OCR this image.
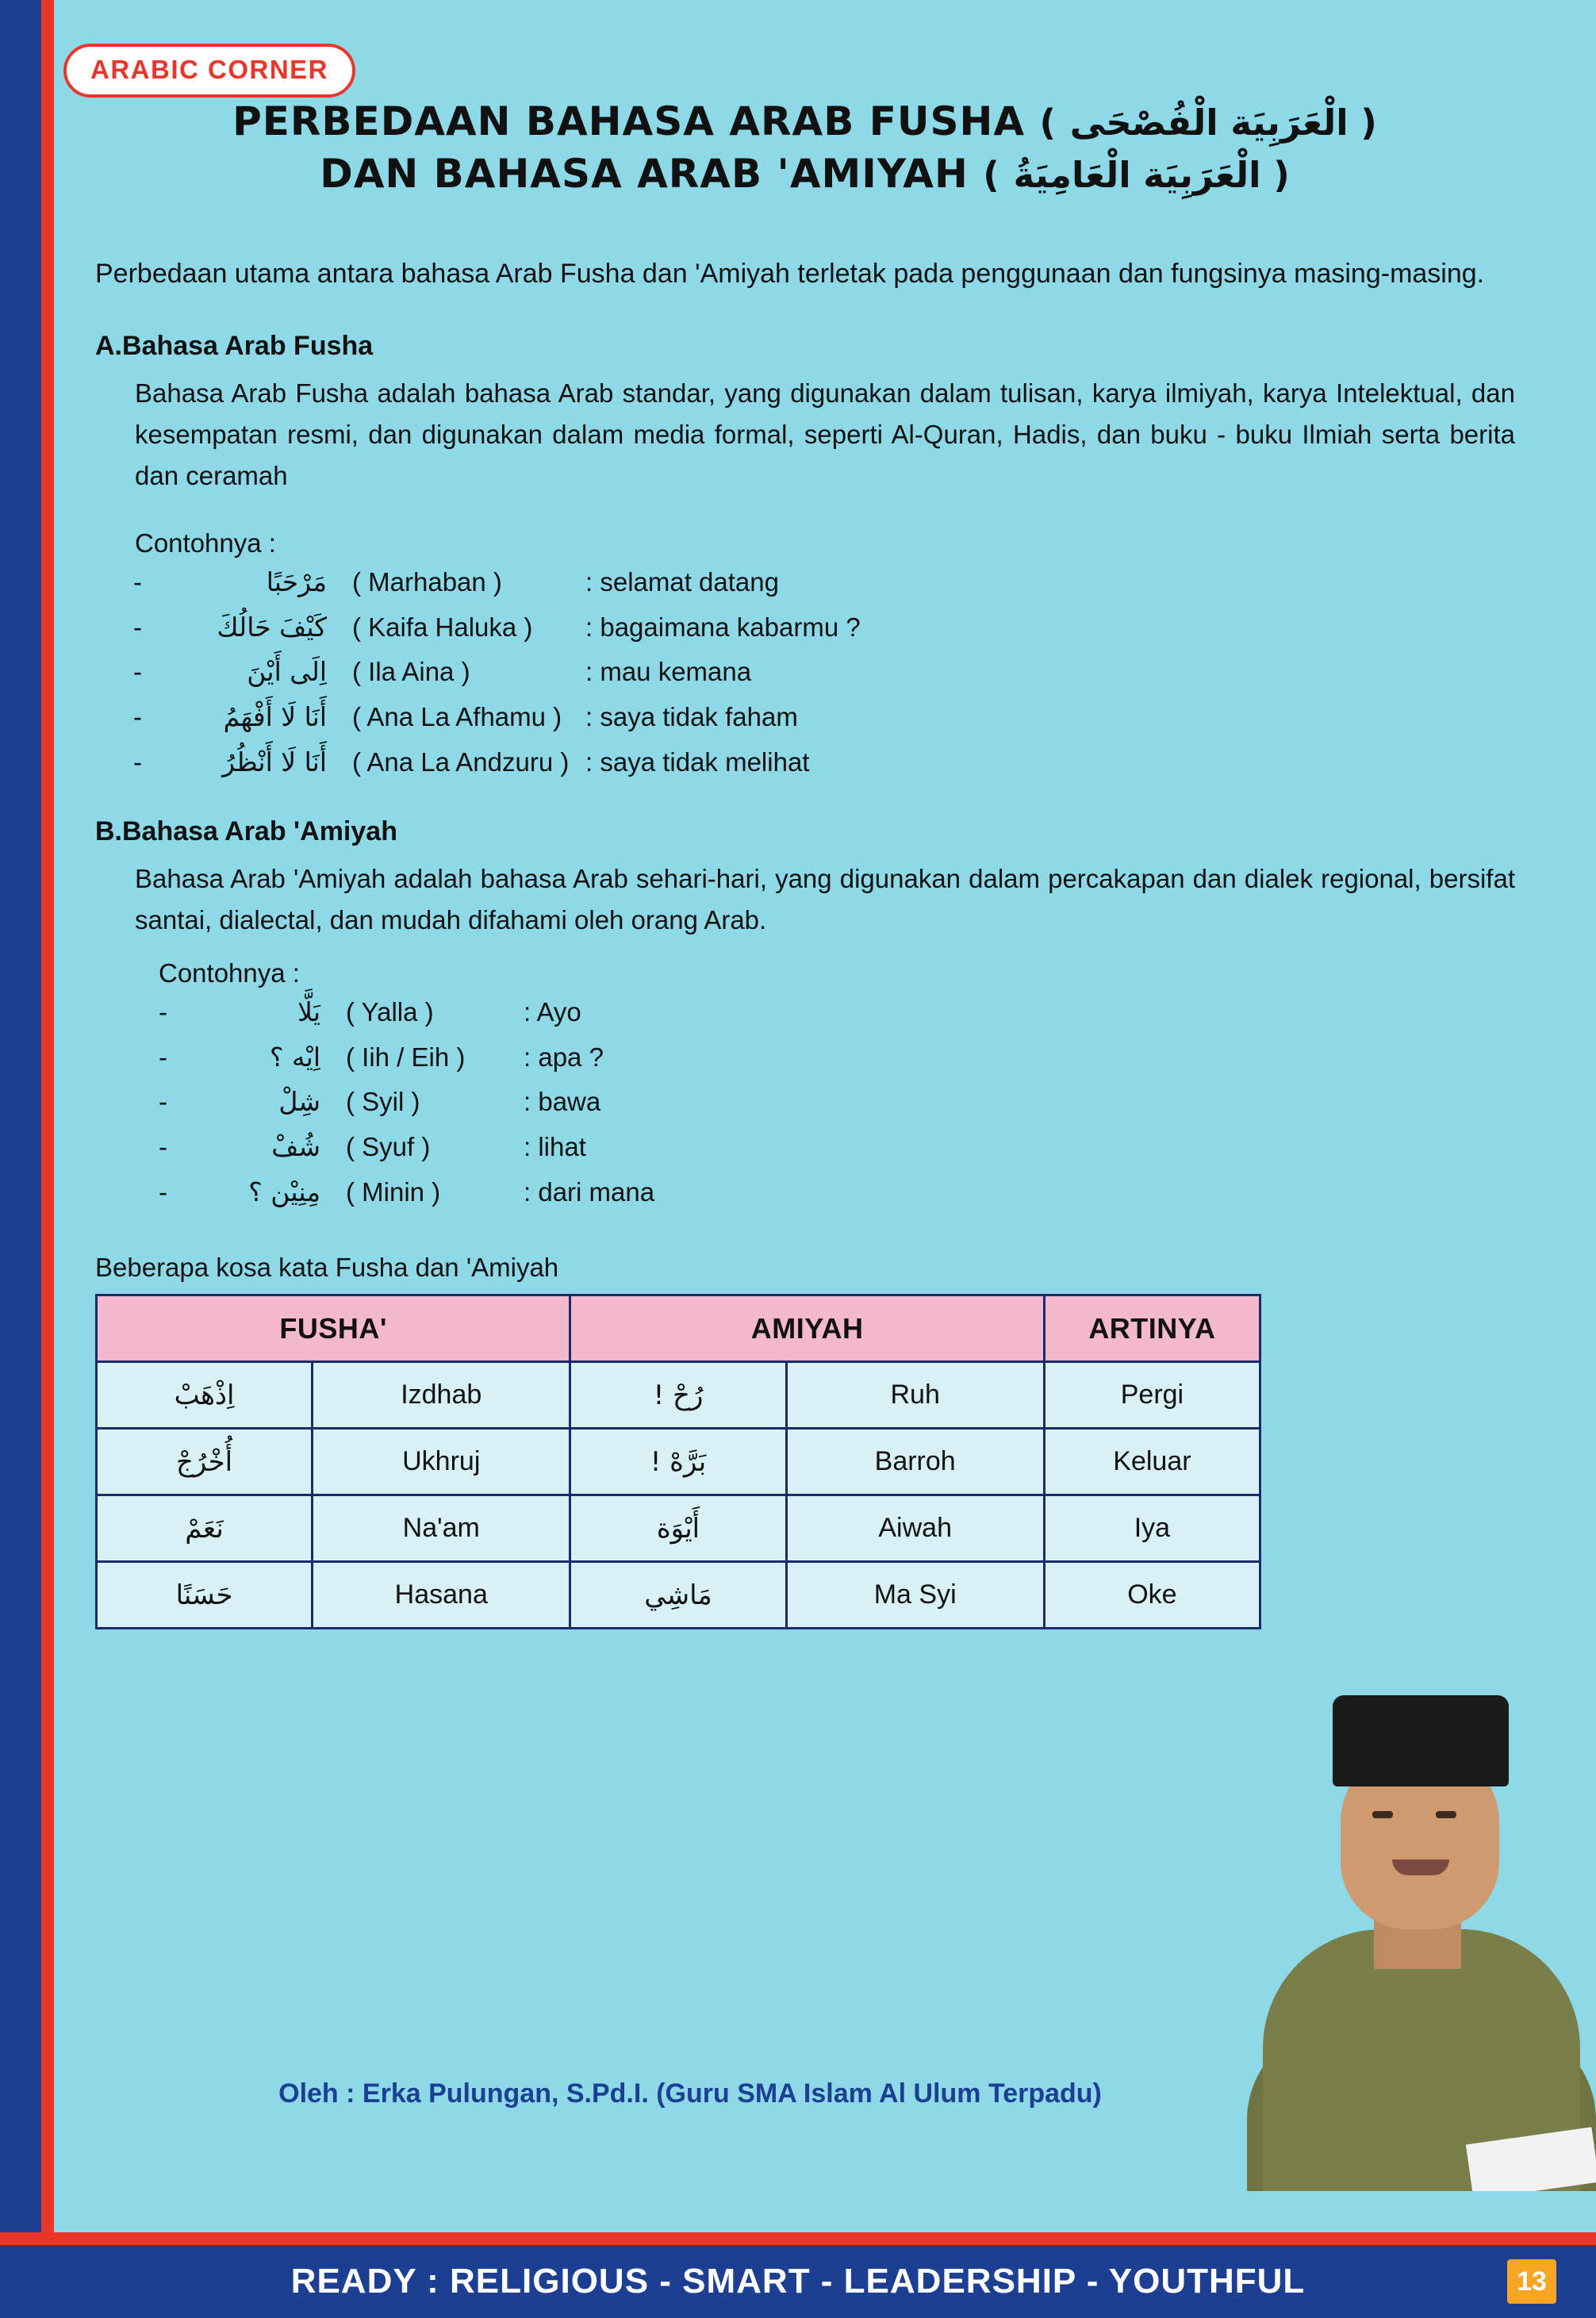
ARABIC CORNER
PERBEDAAN BAHASA ARAB FUSHA ( الْعَرَبِيَة الْفُصْحَى )
DAN BAHASA ARAB 'AMIYAH ( الْعَرَبِيَة الْعَامِيَةُ )

Perbedaan utama antara bahasa Arab Fusha dan 'Amiyah terletak pada penggunaan dan fungsinya masing-masing.

A.Bahasa Arab Fusha
Bahasa Arab Fusha adalah bahasa Arab standar, yang digunakan dalam tulisan, karya ilmiyah, karya Intelektual, dan kesempatan resmi, dan digunakan dalam media formal, seperti Al-Quran, Hadis, dan buku - buku Ilmiah serta berita dan ceramah
Contohnya :
-	مَرْحَبًا ( Marhaban )	: selamat datang
-	كَيْفَ حَالُكَ ( Kaifa Haluka )	: bagaimana kabarmu ?
-	اِلَى أَيْنَ ( Ila Aina )	: mau kemana
-	أَنَا لَا أَفْهَمُ ( Ana La Afhamu ) : saya tidak faham
-	أَنَا لَا أَنْظُرُ ( Ana La Andzuru ) : saya tidak melihat
B.Bahasa Arab 'Amiyah
Bahasa Arab 'Amiyah adalah bahasa Arab sehari-hari, yang digunakan dalam percakapan dan dialek regional, bersifat santai, dialectal, dan mudah difahami oleh orang Arab.
Contohnya :
-	يَلَّا ( Yalla )	: Ayo
-	اِيْه ؟ ( Iih / Eih )	: apa ?
-	شِلْ ( Syil )	: bawa
-	شُفْ ( Syuf )	: lihat
-	مِنِيْن ؟ ( Minin )	: dari mana
Beberapa kosa kata Fusha dan 'Amiyah
FUSHA'		AMIYAH		ARTINYA
اِذْهَبْ	Izdhab	رُحْ !	Ruh	Pergi
أُخْرُجْ	Ukhruj	بَرَّهْ !	Barroh	Keluar
نَعَمْ	Na'am	أَيْوَة	Aiwah	Iya
حَسَنًا	Hasana	مَاشِي	Ma Syi	Oke
Oleh : Erka Pulungan, S.Pd.I. (Guru SMA Islam Al Ulum Terpadu)
READY : RELIGIOUS - SMART - LEADERSHIP - YOUTHFUL	13
